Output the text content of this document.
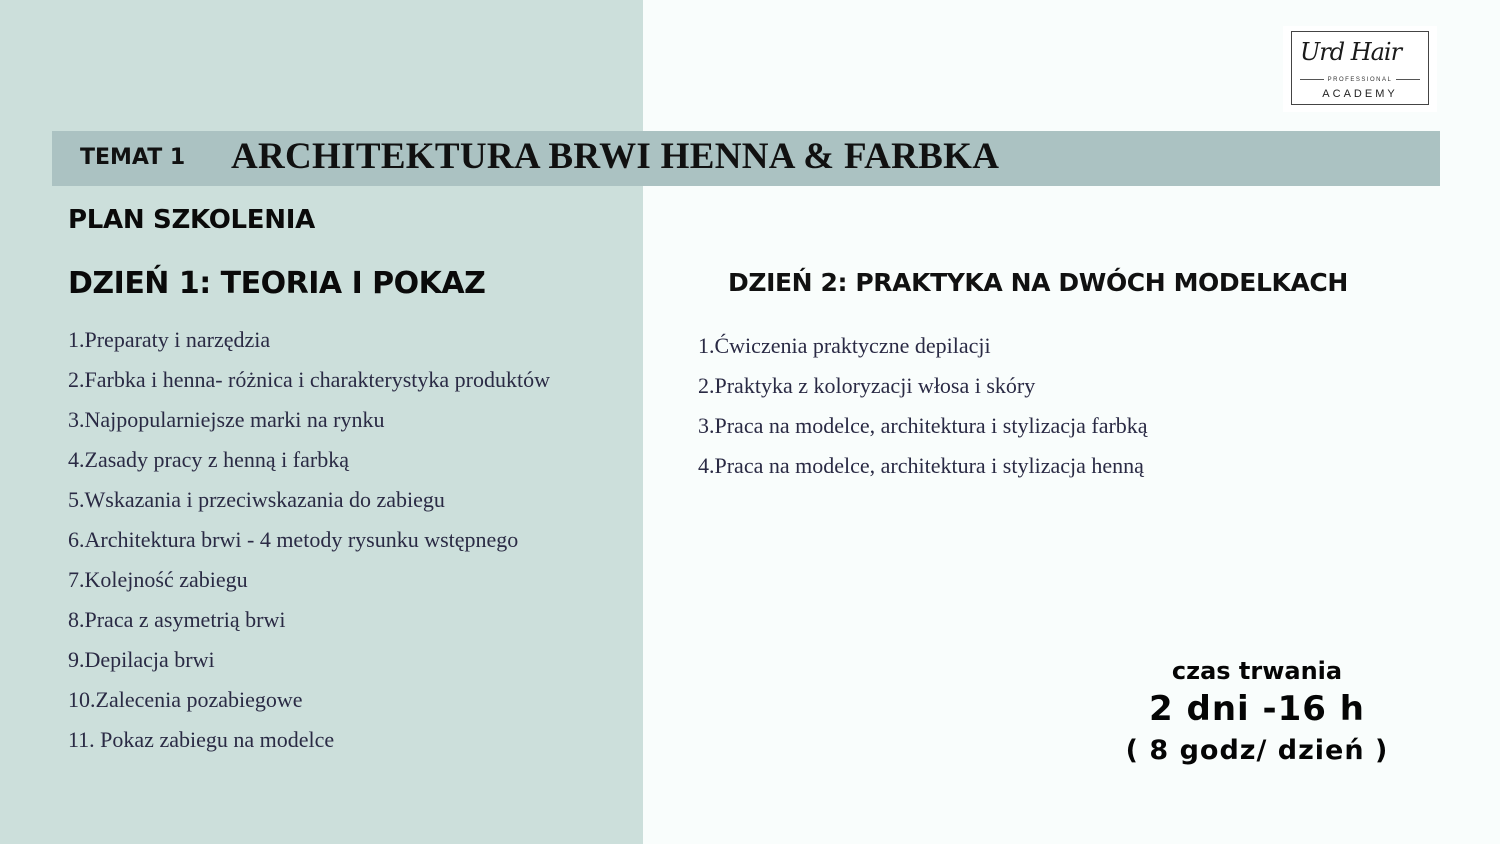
Urd Hair
PROFESSIONAL
ACADEMY
TEMAT 1 ARCHITEKTURA BRWI HENNA & FARBKA
PLAN SZKOLENIA
DZIEŃ 1: TEORIA I POKAZ
1.Preparaty i narzędzia
2.Farbka i henna- różnica i charakterystyka produktów
3.Najpopularniejsze marki na rynku
4.Zasady pracy z henną i farbką
5.Wskazania i przeciwskazania do zabiegu
6.Architektura brwi - 4 metody rysunku wstępnego
7.Kolejność zabiegu
8.Praca z asymetrią brwi
9.Depilacja brwi
10.Zalecenia pozabiegowe
11. Pokaz zabiegu na modelce
DZIEŃ 2: PRAKTYKA NA DWÓCH MODELKACH
1.Ćwiczenia praktyczne depilacji
2.Praktyka z koloryzacji włosa i skóry
3.Praca na modelce, architektura i stylizacja farbką
4.Praca na modelce, architektura i stylizacja henną
czas trwania
2 dni -16 h
( 8 godz/ dzień )
